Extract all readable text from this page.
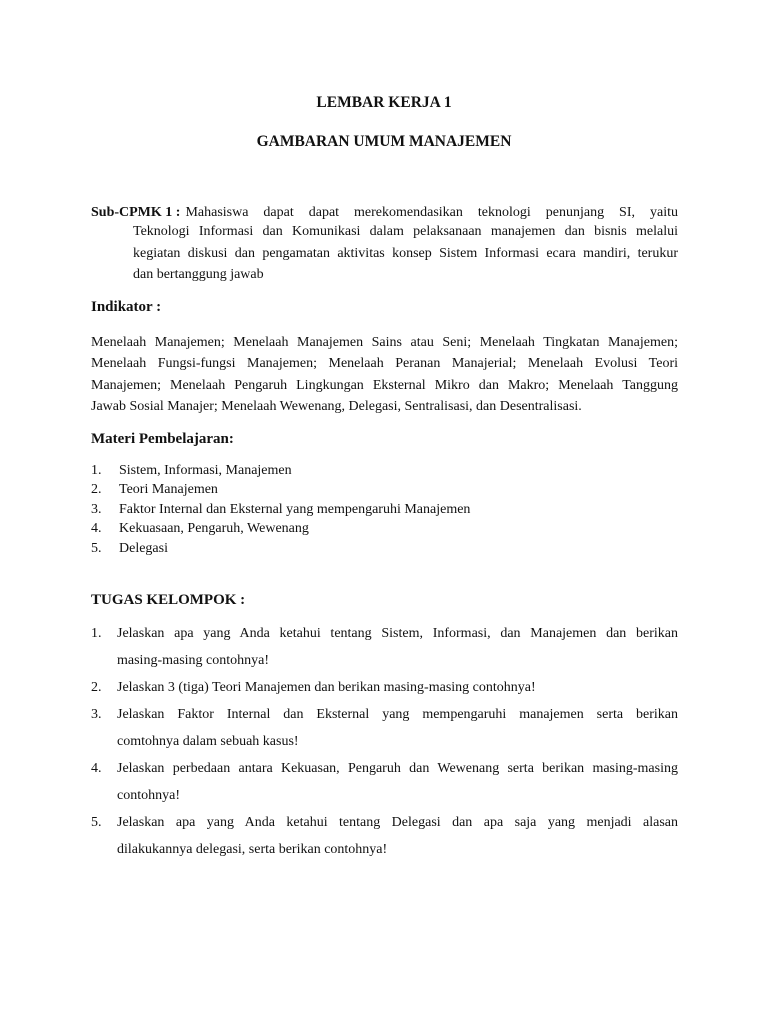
LEMBAR KERJA 1
GAMBARAN UMUM MANAJEMEN
Sub-CPMK 1 : Mahasiswa dapat dapat merekomendasikan teknologi penunjang SI, yaitu
Teknologi Informasi dan Komunikasi dalam pelaksanaan manajemen dan bisnis melalui
kegiatan diskusi dan pengamatan aktivitas konsep Sistem Informasi ecara mandiri, terukur
dan bertanggung jawab
Indikator :
Menelaah Manajemen; Menelaah Manajemen Sains atau Seni; Menelaah Tingkatan Manajemen;
Menelaah Fungsi-fungsi Manajemen; Menelaah Peranan Manajerial; Menelaah Evolusi Teori
Manajemen; Menelaah Pengaruh Lingkungan Eksternal Mikro dan Makro; Menelaah Tanggung
Jawab Sosial Manajer; Menelaah Wewenang, Delegasi, Sentralisasi, dan Desentralisasi.
Materi Pembelajaran:
1.	Sistem, Informasi, Manajemen
2.	Teori Manajemen
3.	Faktor Internal dan Eksternal yang mempengaruhi Manajemen
4.	Kekuasaan, Pengaruh, Wewenang
5.	Delegasi
TUGAS KELOMPOK :
1.	Jelaskan apa yang Anda ketahui tentang Sistem, Informasi, dan Manajemen dan berikan
masing-masing contohnya!
2.	Jelaskan 3 (tiga) Teori Manajemen dan berikan masing-masing contohnya!
3.	Jelaskan Faktor Internal dan Eksternal yang mempengaruhi manajemen serta berikan
comtohnya dalam sebuah kasus!
4.	Jelaskan perbedaan antara Kekuasan, Pengaruh dan Wewenang serta berikan masing-masing
contohnya!
5.	Jelaskan apa yang Anda ketahui tentang Delegasi dan apa saja yang menjadi alasan
dilakukannya delegasi, serta berikan contohnya!
